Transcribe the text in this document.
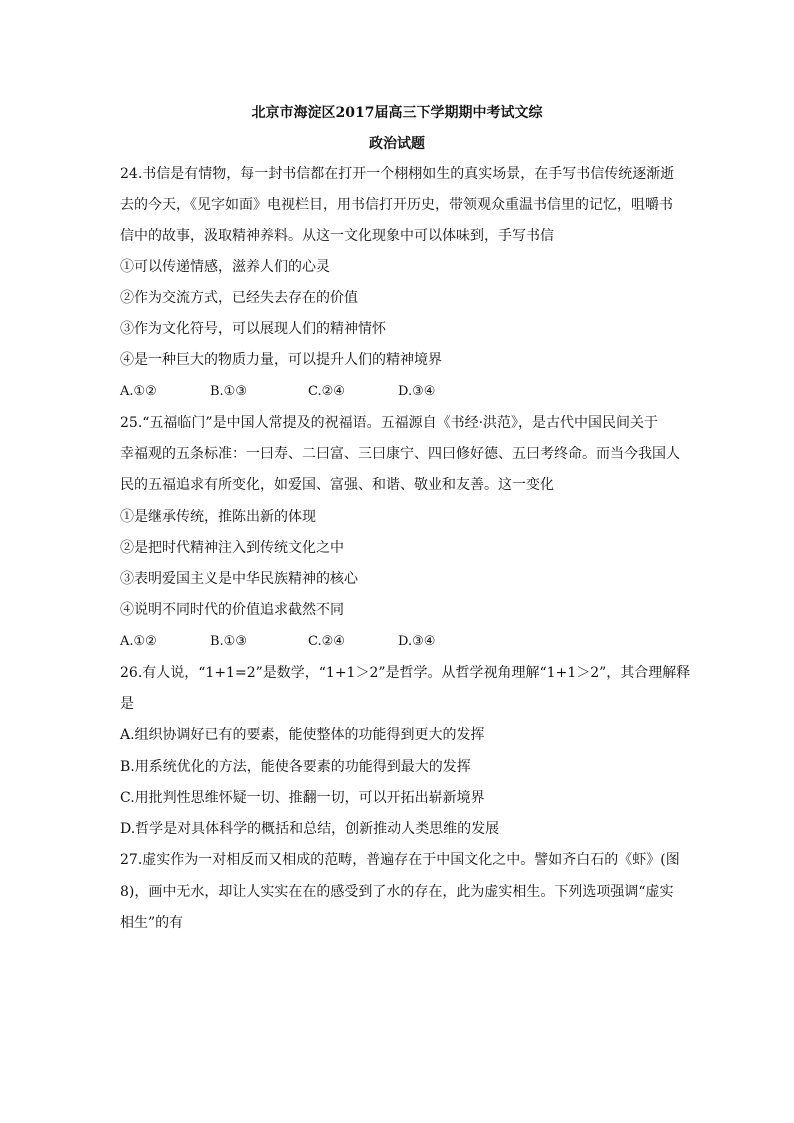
北京市海淀区2017届高三下学期期中考试文综
政治试题
24.书信是有情物，每一封书信都在打开一个栩栩如生的真实场景，在手写书信传统逐渐逝
去的今天，《见字如面》电视栏目，用书信打开历史，带领观众重温书信里的记忆，咀嚼书
信中的故事，汲取精神养料。从这一文化现象中可以体味到，手写书信
①可以传递情感，滋养人们的心灵
②作为交流方式，已经失去存在的价值
③作为文化符号，可以展现人们的精神情怀
④是一种巨大的物质力量，可以提升人们的精神境界
A.①②	B.①③	C.②④	D.③④
25.“五福临门”是中国人常提及的祝福语。五福源自《书经·洪范》，是古代中国民间关于
幸福观的五条标准：一曰寿、二曰富、三曰康宁、四曰修好德、五曰考终命。而当今我国人
民的五福追求有所变化，如爱国、富强、和谐、敬业和友善。这一变化
①是继承传统，推陈出新的体现
②是把时代精神注入到传统文化之中
③表明爱国主义是中华民族精神的核心
④说明不同时代的价值追求截然不同
A.①②	B.①③	C.②④	D.③④
26.有人说，“1+1=2”是数学，“1+1＞2”是哲学。从哲学视角理解“1+1＞2”，其合理解释
是
A.组织协调好已有的要素，能使整体的功能得到更大的发挥
B.用系统优化的方法，能使各要素的功能得到最大的发挥
C.用批判性思维怀疑一切、推翻一切，可以开拓出崭新境界
D.哲学是对具体科学的概括和总结，创新推动人类思维的发展
27.虚实作为一对相反而又相成的范畴，普遍存在于中国文化之中。譬如齐白石的《虾》(图
8)，画中无水，却让人实实在在的感受到了水的存在，此为虚实相生。下列选项强调“虚实
相生”的有
